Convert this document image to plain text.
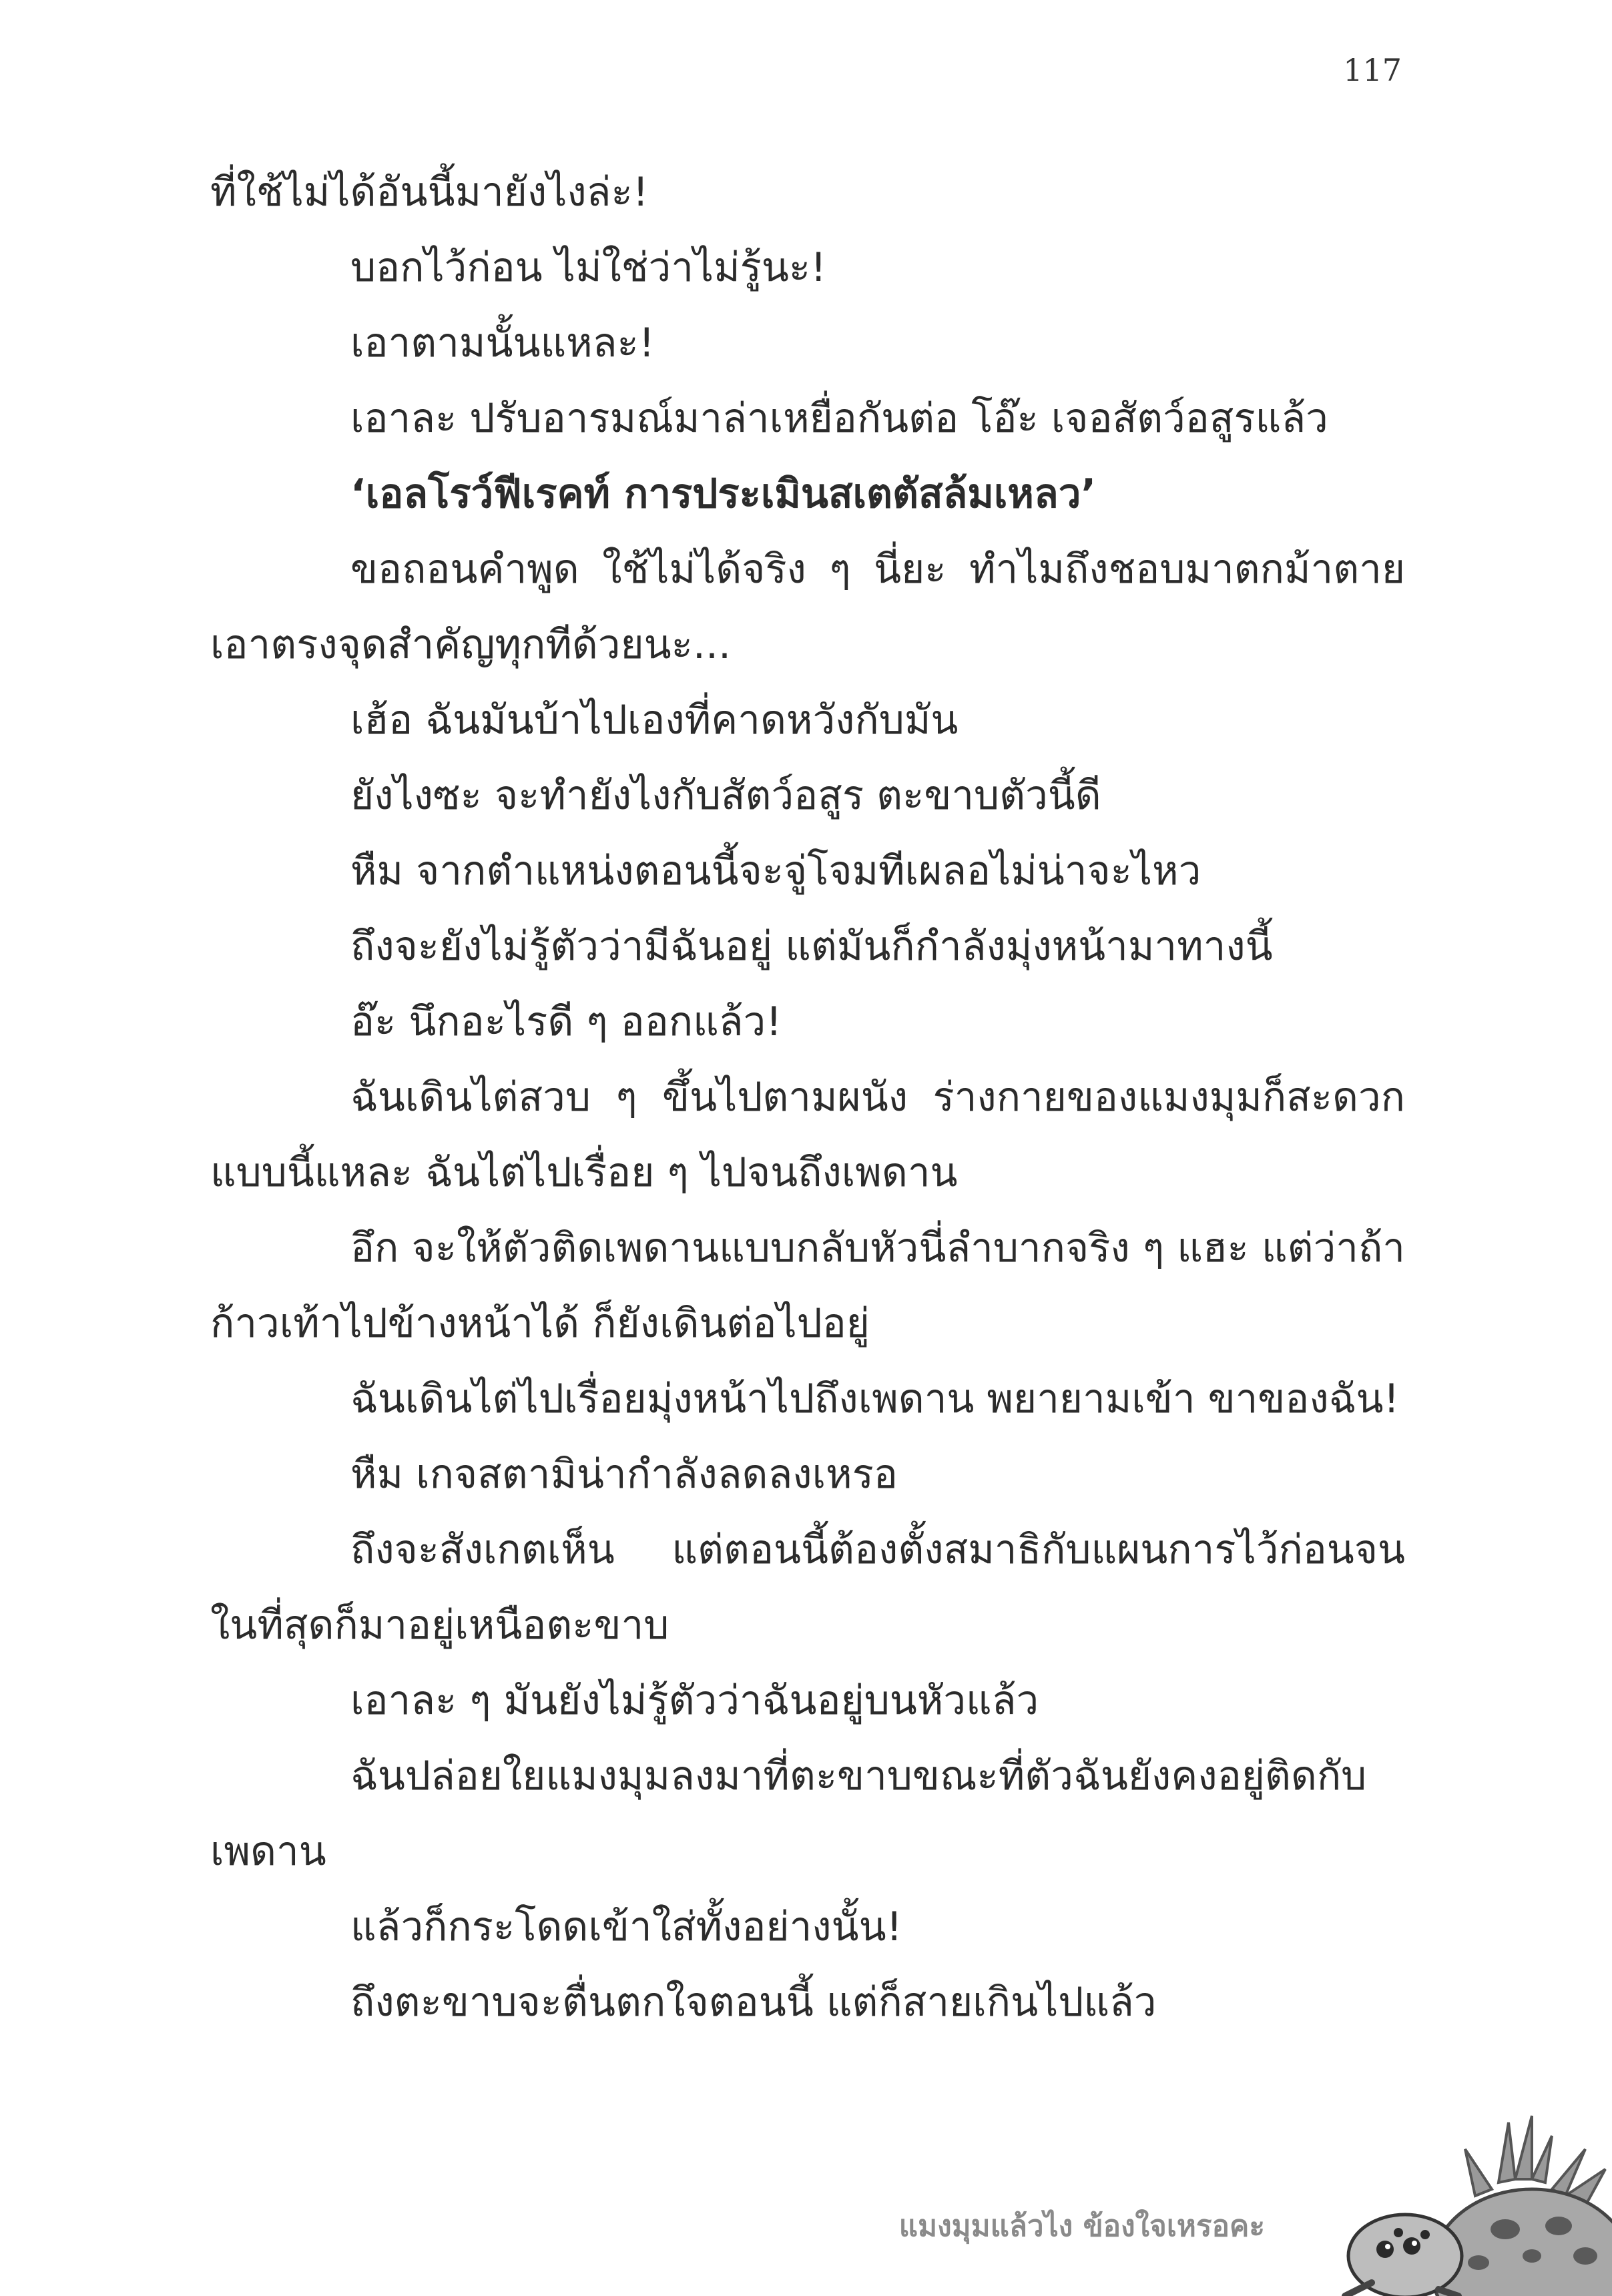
117

ที่ใช้ไม่ได้อันนี้มายังไงล่ะ!

บอกไว้ก่อน ไม่ใช่ว่าไม่รู้นะ!

เอาตามนั้นแหละ!

เอาละ ปรับอารมณ์มาล่าเหยื่อกันต่อ โอ๊ะ เจอสัตว์อสูรแล้ว

‘เอลโรว์ฟีเรคท์ การประเมินสเตตัสล้มเหลว’

ขอถอนคำพูด ใช้ไม่ได้จริง ๆ นี่ยะ ทำไมถึงชอบมาตกม้าตายเอาตรงจุดสำคัญทุกทีด้วยนะ...

เฮ้อ ฉันมันบ้าไปเองที่คาดหวังกับมัน

ยังไงซะ จะทำยังไงกับสัตว์อสูร ตะขาบตัวนี้ดี

หืม จากตำแหน่งตอนนี้จะจู่โจมทีเผลอไม่น่าจะไหว

ถึงจะยังไม่รู้ตัวว่ามีฉันอยู่ แต่มันก็กำลังมุ่งหน้ามาทางนี้

อ๊ะ นึกอะไรดี ๆ ออกแล้ว!

ฉันเดินไต่สวบ ๆ ขึ้นไปตามผนัง ร่างกายของแมงมุมก็สะดวกแบบนี้แหละ ฉันไต่ไปเรื่อย ๆ ไปจนถึงเพดาน

อึก จะให้ตัวติดเพดานแบบกลับหัวนี่ลำบากจริง ๆ แฮะ แต่ว่าถ้าก้าวเท้าไปข้างหน้าได้ ก็ยังเดินต่อไปอยู่

ฉันเดินไต่ไปเรื่อยมุ่งหน้าไปถึงเพดาน พยายามเข้า ขาของฉัน!

หืม เกจสตามิน่ากำลังลดลงเหรอ

ถึงจะสังเกตเห็น แต่ตอนนี้ต้องตั้งสมาธิกับแผนการไว้ก่อนจนในที่สุดก็มาอยู่เหนือตะขาบ

เอาละ ๆ มันยังไม่รู้ตัวว่าฉันอยู่บนหัวแล้ว

ฉันปล่อยใยแมงมุมลงมาที่ตะขาบขณะที่ตัวฉันยังคงอยู่ติดกับเพดาน

แล้วก็กระโดดเข้าใส่ทั้งอย่างนั้น!

ถึงตะขาบจะตื่นตกใจตอนนี้ แต่ก็สายเกินไปแล้ว

แมงมุมแล้วไง ข้องใจเหรอคะ
